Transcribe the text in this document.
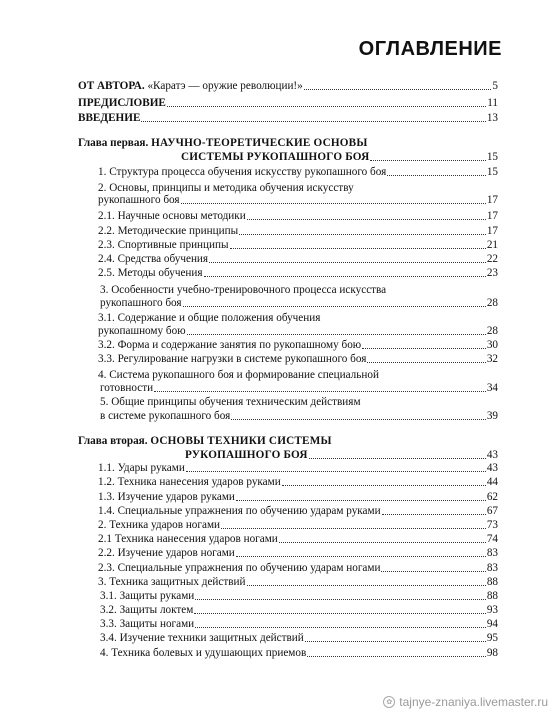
ОГЛАВЛЕНИЕ
ОТ АВТОРА. «Каратэ — оружие революции!»	5
ПРЕДИСЛОВИЕ	11
ВВЕДЕНИЕ	13
Глава первая. НАУЧНО-ТЕОРЕТИЧЕСКИЕ ОСНОВЫ
СИСТЕМЫ РУКОПАШНОГО БОЯ	15
1. Структура процесса обучения искусству рукопашного боя	15
2. Основы, принципы и методика обучения искусству
рукопашного боя	17
2.1. Научные основы методики	17
2.2. Методические принципы	17
2.3. Спортивные принципы	21
2.4. Средства обучения	22
2.5. Методы обучения	23
3. Особенности учебно-тренировочного процесса искусства
рукопашного боя	28
3.1. Содержание и общие положения обучения
рукопашному бою	28
3.2. Форма и содержание занятия по рукопашному бою	30
3.3. Регулирование нагрузки в системе рукопашного боя	32
4. Система рукопашного боя и формирование специальной
готовности	34
5. Общие принципы обучения техническим действиям
в системе рукопашного боя	39
Глава вторая. ОСНОВЫ ТЕХНИКИ СИСТЕМЫ
РУКОПАШНОГО БОЯ	43
1.1. Удары руками	43
1.2. Техника нанесения ударов руками	44
1.3. Изучение ударов руками	62
1.4. Специальные упражнения по обучению ударам руками	67
2. Техника ударов ногами	73
2.1 Техника нанесения ударов ногами	74
2.2. Изучение ударов ногами	83
2.3. Специальные упражнения по обучению ударам ногами	83
3. Техника защитных действий	88
3.1. Защиты руками	88
3.2. Защиты локтем	93
3.3. Защиты ногами	94
3.4. Изучение техники защитных действий	95
4. Техника болевых и удушающих приемов	98
✿ tajnye-znaniya.livemaster.ru
